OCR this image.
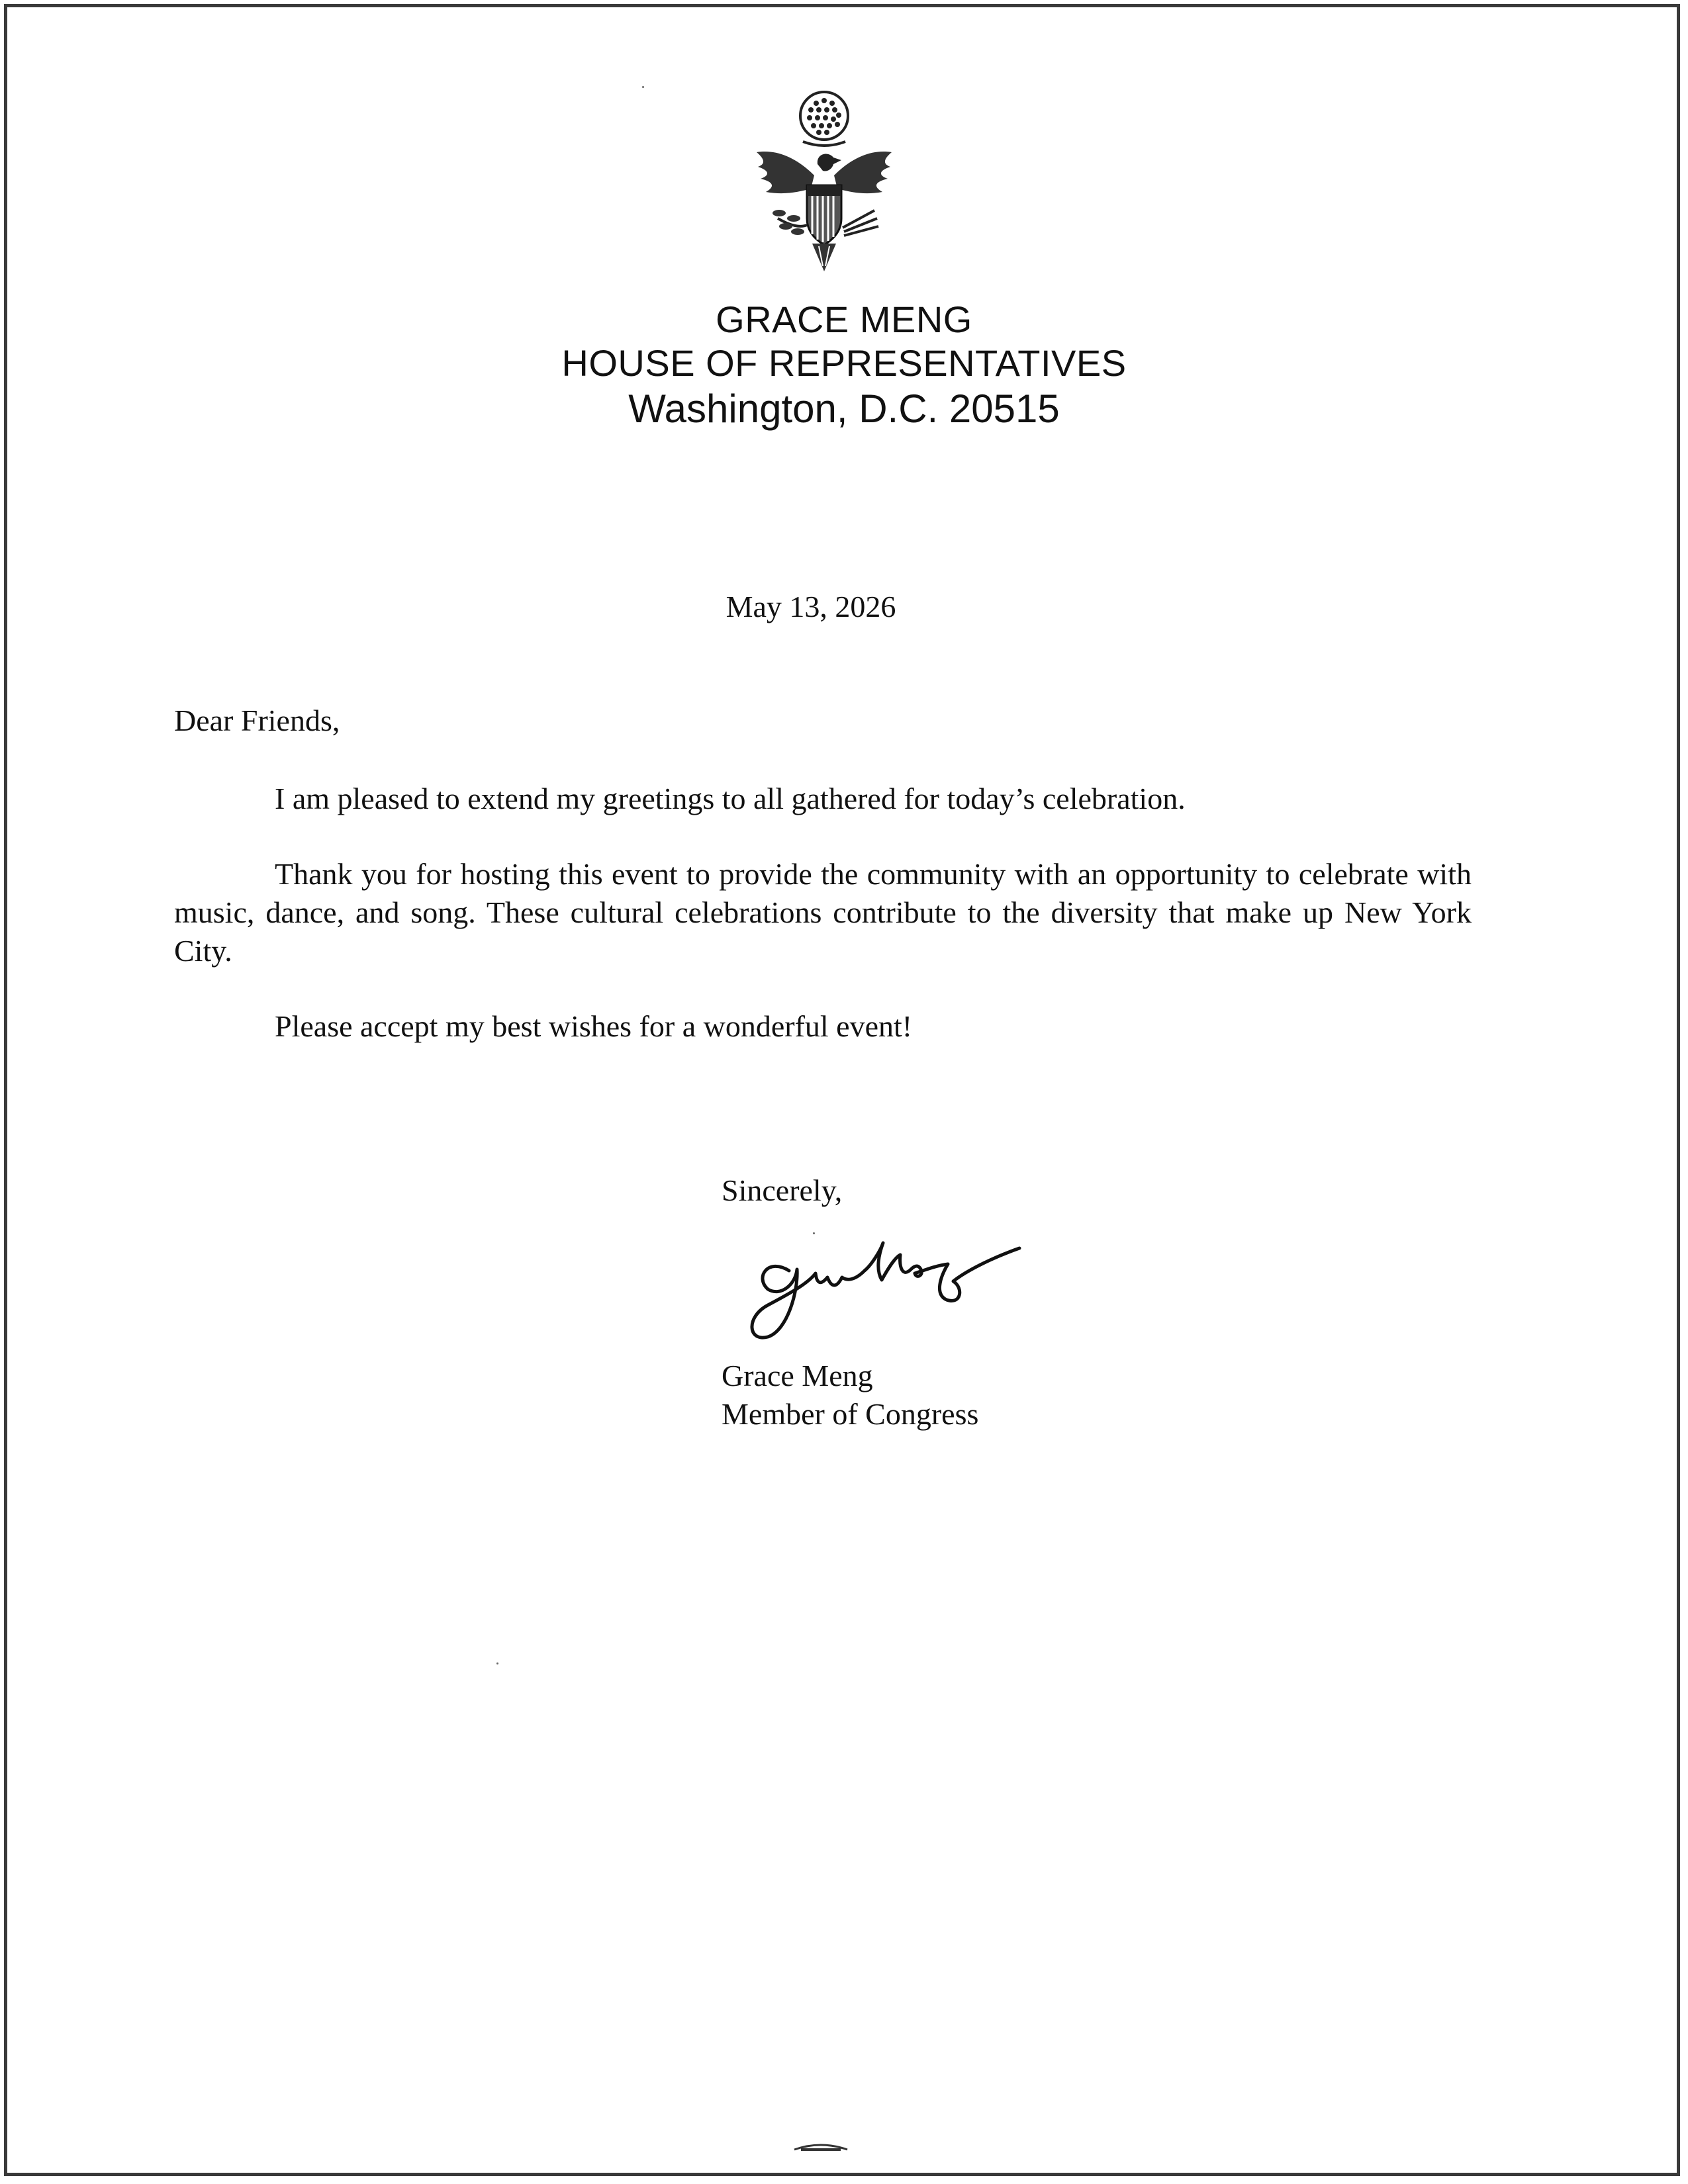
GRACE MENG
HOUSE OF REPRESENTATIVES
Washington, D.C. 20515
May 13, 2026

Dear Friends,

I am pleased to extend my greetings to all gathered for today’s celebration.

Thank you for hosting this event to provide the community with an opportunity to celebrate with music, dance, and song. These cultural celebrations contribute to the diversity that make up New York City.

Please accept my best wishes for a wonderful event!

Sincerely,
Grace Meng
Member of Congress
